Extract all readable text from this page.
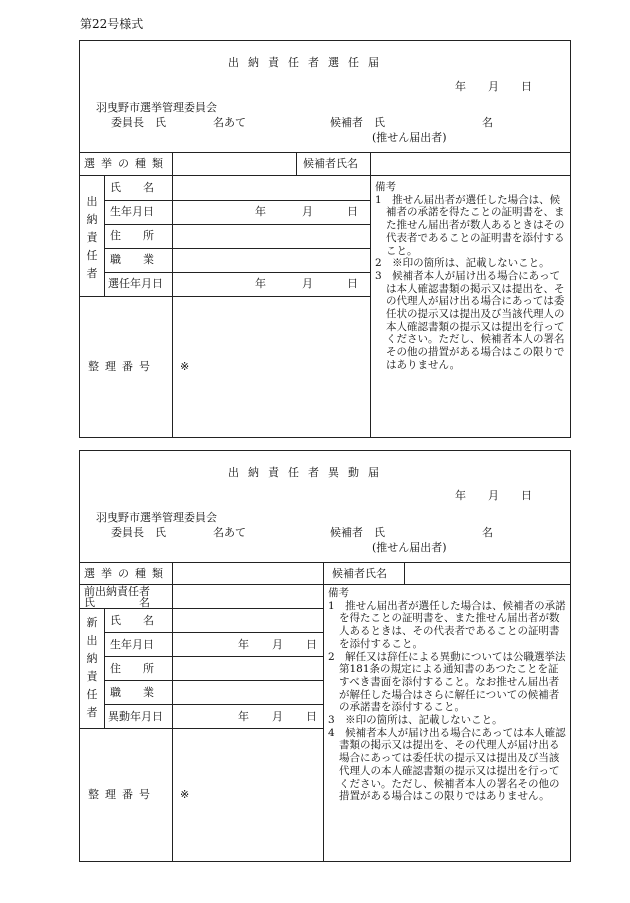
第22号様式
出納責任者選任届
年 月 日
羽曳野市選挙管理委員会
委員長　氏	名あて	候補者　氏	名
(推せん届出者)
選挙の種類	候補者氏名
出納責任者
氏　　名
生年月日	年	月	日
住　　所
職　　業
選任年月日	年	月	日
整理番号 ※
備考
1　推せん届出者が選任した場合は、候補者の承諾を得たことの証明書を、また推せん届出者が数人あるときはその代表者であることの証明書を添付すること。
2　※印の箇所は、記載しないこと。
3　候補者本人が届け出る場合にあっては本人確認書類の掲示又は提出を、その代理人が届け出る場合にあっては委任状の提示又は提出及び当該代理人の本人確認書類の提示又は提出を行ってください。ただし、候補者本人の署名その他の措置がある場合はこの限りではありません。
出納責任者異動届
年 月 日
羽曳野市選挙管理委員会
委員長　氏	名あて	候補者　氏	名
(推せん届出者)
選挙の種類	候補者氏名
前出納責任者
氏　　　　名
新出納責任者
氏　　名
生年月日	年 月 日
住　　所
職　　業
異動年月日	年 月 日
整理番号 ※
備考
1　推せん届出者が選任した場合は、候補者の承諾を得たことの証明書を、また推せん届出者が数人あるときは、その代表者であることの証明書を添付すること。
2　解任又は辞任による異動については公職選挙法第181条の規定による通知書のあつたことを証すべき書面を添付すること。なお推せん届出者が解任した場合はさらに解任についての候補者の承諾書を添付すること。
3　※印の箇所は、記載しないこと。
4　候補者本人が届け出る場合にあっては本人確認書類の掲示又は提出を、その代理人が届け出る場合にあっては委任状の提示又は提出及び当該代理人の本人確認書類の提示又は提出を行ってください。ただし、候補者本人の署名その他の措置がある場合はこの限りではありません。
